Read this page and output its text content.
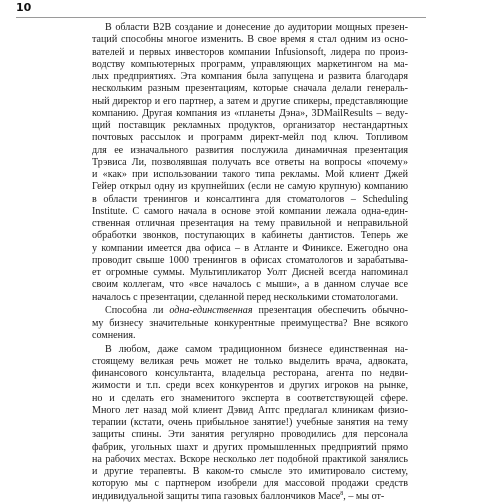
10
В области B2B создание и донесение до аудитории мощных презен-
таций способны многое изменить. В свое время я стал одним из осно-
вателей и первых инвесторов компании Infusionsoft, лидера по произ-
водству компьютерных программ, управляющих маркетингом на ма-
лых предприятиях. Эта компания была запущена и развита благодаря
нескольким разным презентациям, которые сначала делали генераль-
ный директор и его партнер, а затем и другие спикеры, представляющие
компанию. Другая компания из «планеты Дэна», 3DMailResults – веду-
щий поставщик рекламных продуктов, организатор нестандартных
почтовых рассылок и программ директ-мейл под ключ. Топливом
для ее изначального развития послужила динамичная презентация
Трэвиса Ли, позволявшая получать все ответы на вопросы «почему»
и «как» при использовании такого типа рекламы. Мой клиент Джей
Гейер открыл одну из крупнейших (если не самую крупную) компанию
в области тренингов и консалтинга для стоматологов – Scheduling
Institute. С самого начала в основе этой компании лежала одна-един-
ственная отличная презентация на тему правильной и неправильной
обработки звонков, поступающих в кабинеты дантистов. Теперь же
у компании имеется два офиса – в Атланте и Финиксе. Ежегодно она
проводит свыше 1000 тренингов в офисах стоматологов и зарабатыва-
ет огромные суммы. Мультипликатор Уолт Дисней всегда напоминал
своим коллегам, что «все началось с мыши», а в данном случае все
началось с презентации, сделанной перед несколькими стоматологами.
Способна ли одна-единственная презентация обеспечить обычно-
му бизнесу значительные конкурентные преимущества? Вне всякого
сомнения.
В любом, даже самом традиционном бизнесе единственная на-
стоящему великая речь может не только выделить врача, адвоката,
финансового консультанта, владельца ресторана, агента по недви-
жимости и т.п. среди всех конкурентов и других игроков на рынке,
но и сделать его знаменитого эксперта в соответствующей сфере.
Много лет назад мой клиент Дэвид Аптс предлагал клиникам физио-
терапии (кстати, очень прибыльное занятие!) учебные занятия на тему
защиты спины. Эти занятия регулярно проводились для персонала
фабрик, угольных шахт и других промышленных предприятий прямо
на рабочих местах. Вскоре несколько лет подобной практикой занялись
и другие терапевты. В каком-то смысле это имитировало систему,
которую мы с партнером изобрели для массовой продажи средств
индивидуальной защиты типа газовых баллончиков Мace$^8$, – мы от-
